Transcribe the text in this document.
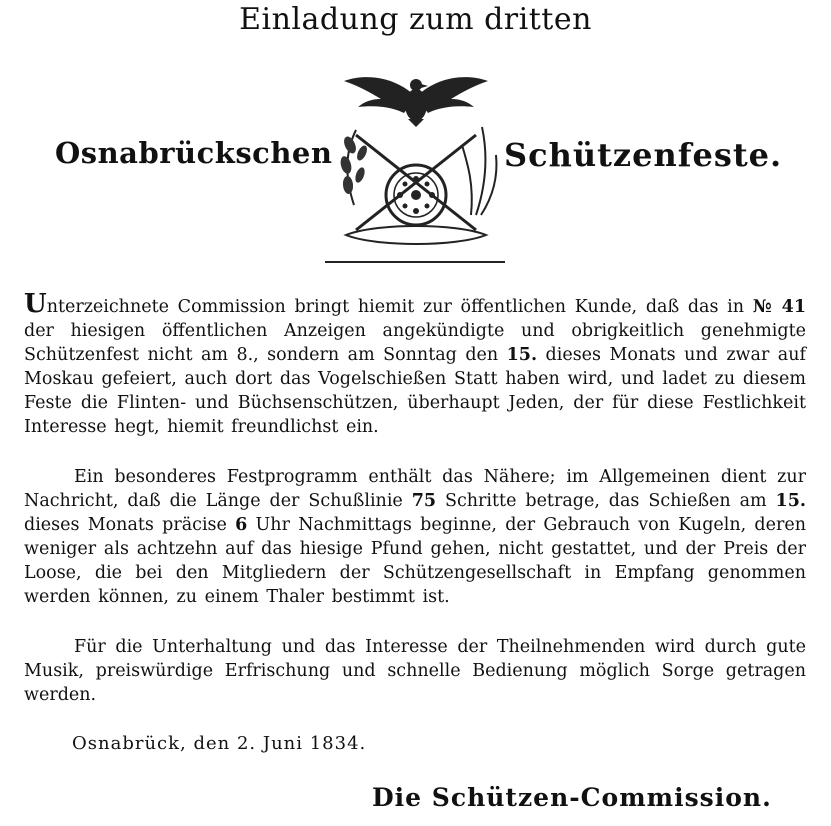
Einladung zum dritten
Osnabrückschen	Schützenfeste.
Unterzeichnete Commission bringt hiemit zur öffentlichen Kunde, daß das in № 41 der hiesigen öffentlichen Anzeigen angekündigte und obrigkeitlich genehmigte Schützenfest nicht am 8., sondern am Sonntag den 15. dieses Monats und zwar auf Moskau gefeiert, auch dort das Vogelschießen Statt haben wird, und ladet zu diesem Feste die Flinten- und Büchsenschützen, überhaupt Jeden, der für diese Festlichkeit Interesse hegt, hiemit freundlichst ein.
Ein besonderes Festprogramm enthält das Nähere; im Allgemeinen dient zur Nachricht, daß die Länge der Schußlinie 75 Schritte betrage, das Schießen am 15. dieses Monats präcise 6 Uhr Nachmittags beginne, der Gebrauch von Kugeln, deren weniger als achtzehn auf das hiesige Pfund gehen, nicht gestattet, und der Preis der Loose, die bei den Mitgliedern der Schützengesellschaft in Empfang genommen werden können, zu einem Thaler bestimmt ist.
Für die Unterhaltung und das Interesse der Theilnehmenden wird durch gute Musik, preiswürdige Erfrischung und schnelle Bedienung möglich Sorge getragen werden.
Osnabrück, den 2. Juni 1834.
Die Schützen-Commission.
